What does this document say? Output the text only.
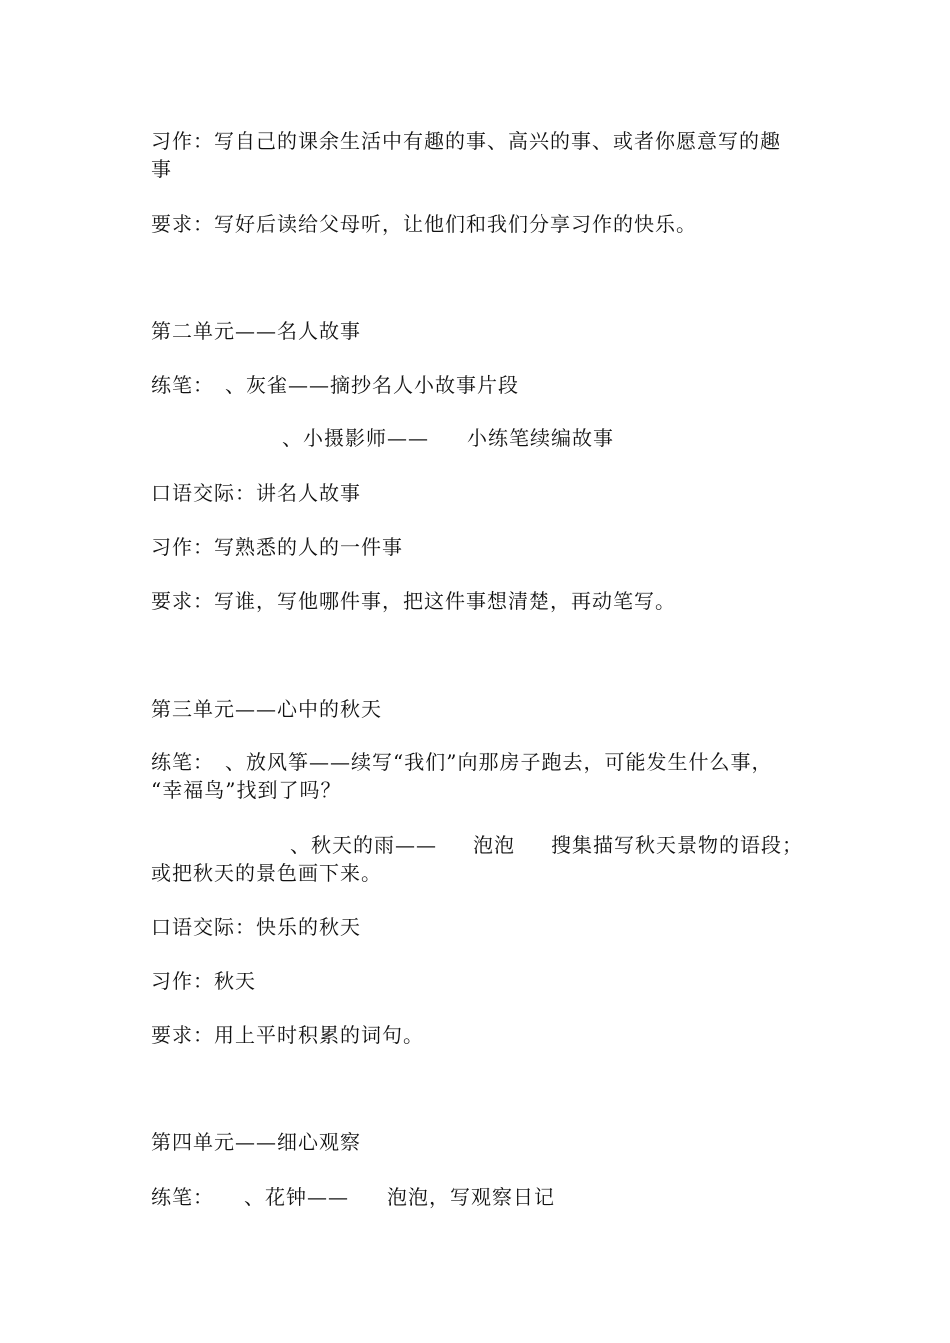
习作：写自己的课余生活中有趣的事、高兴的事、或者你愿意写的趣

事

要求：写好后读给父母听，让他们和我们分享习作的快乐。

第二单元——名人故事

练笔：　、灰雀——摘抄名人小故事片段

、小摄影师—— 小练笔续编故事

口语交际：讲名人故事

习作：写熟悉的人的一件事

要求：写谁，写他哪件事，把这件事想清楚，再动笔写。

第三单元——心中的秋天

练笔：　、放风筝——续写“我们”向那房子跑去，可能发生什么事，

“幸福鸟”找到了吗？

、秋天的雨—— 泡泡 搜集描写秋天景物的语段；

或把秋天的景色画下来。

口语交际：快乐的秋天

习作：秋天

要求：用上平时积累的词句。

第四单元——细心观察

练笔： 、花钟—— 泡泡，写观察日记
